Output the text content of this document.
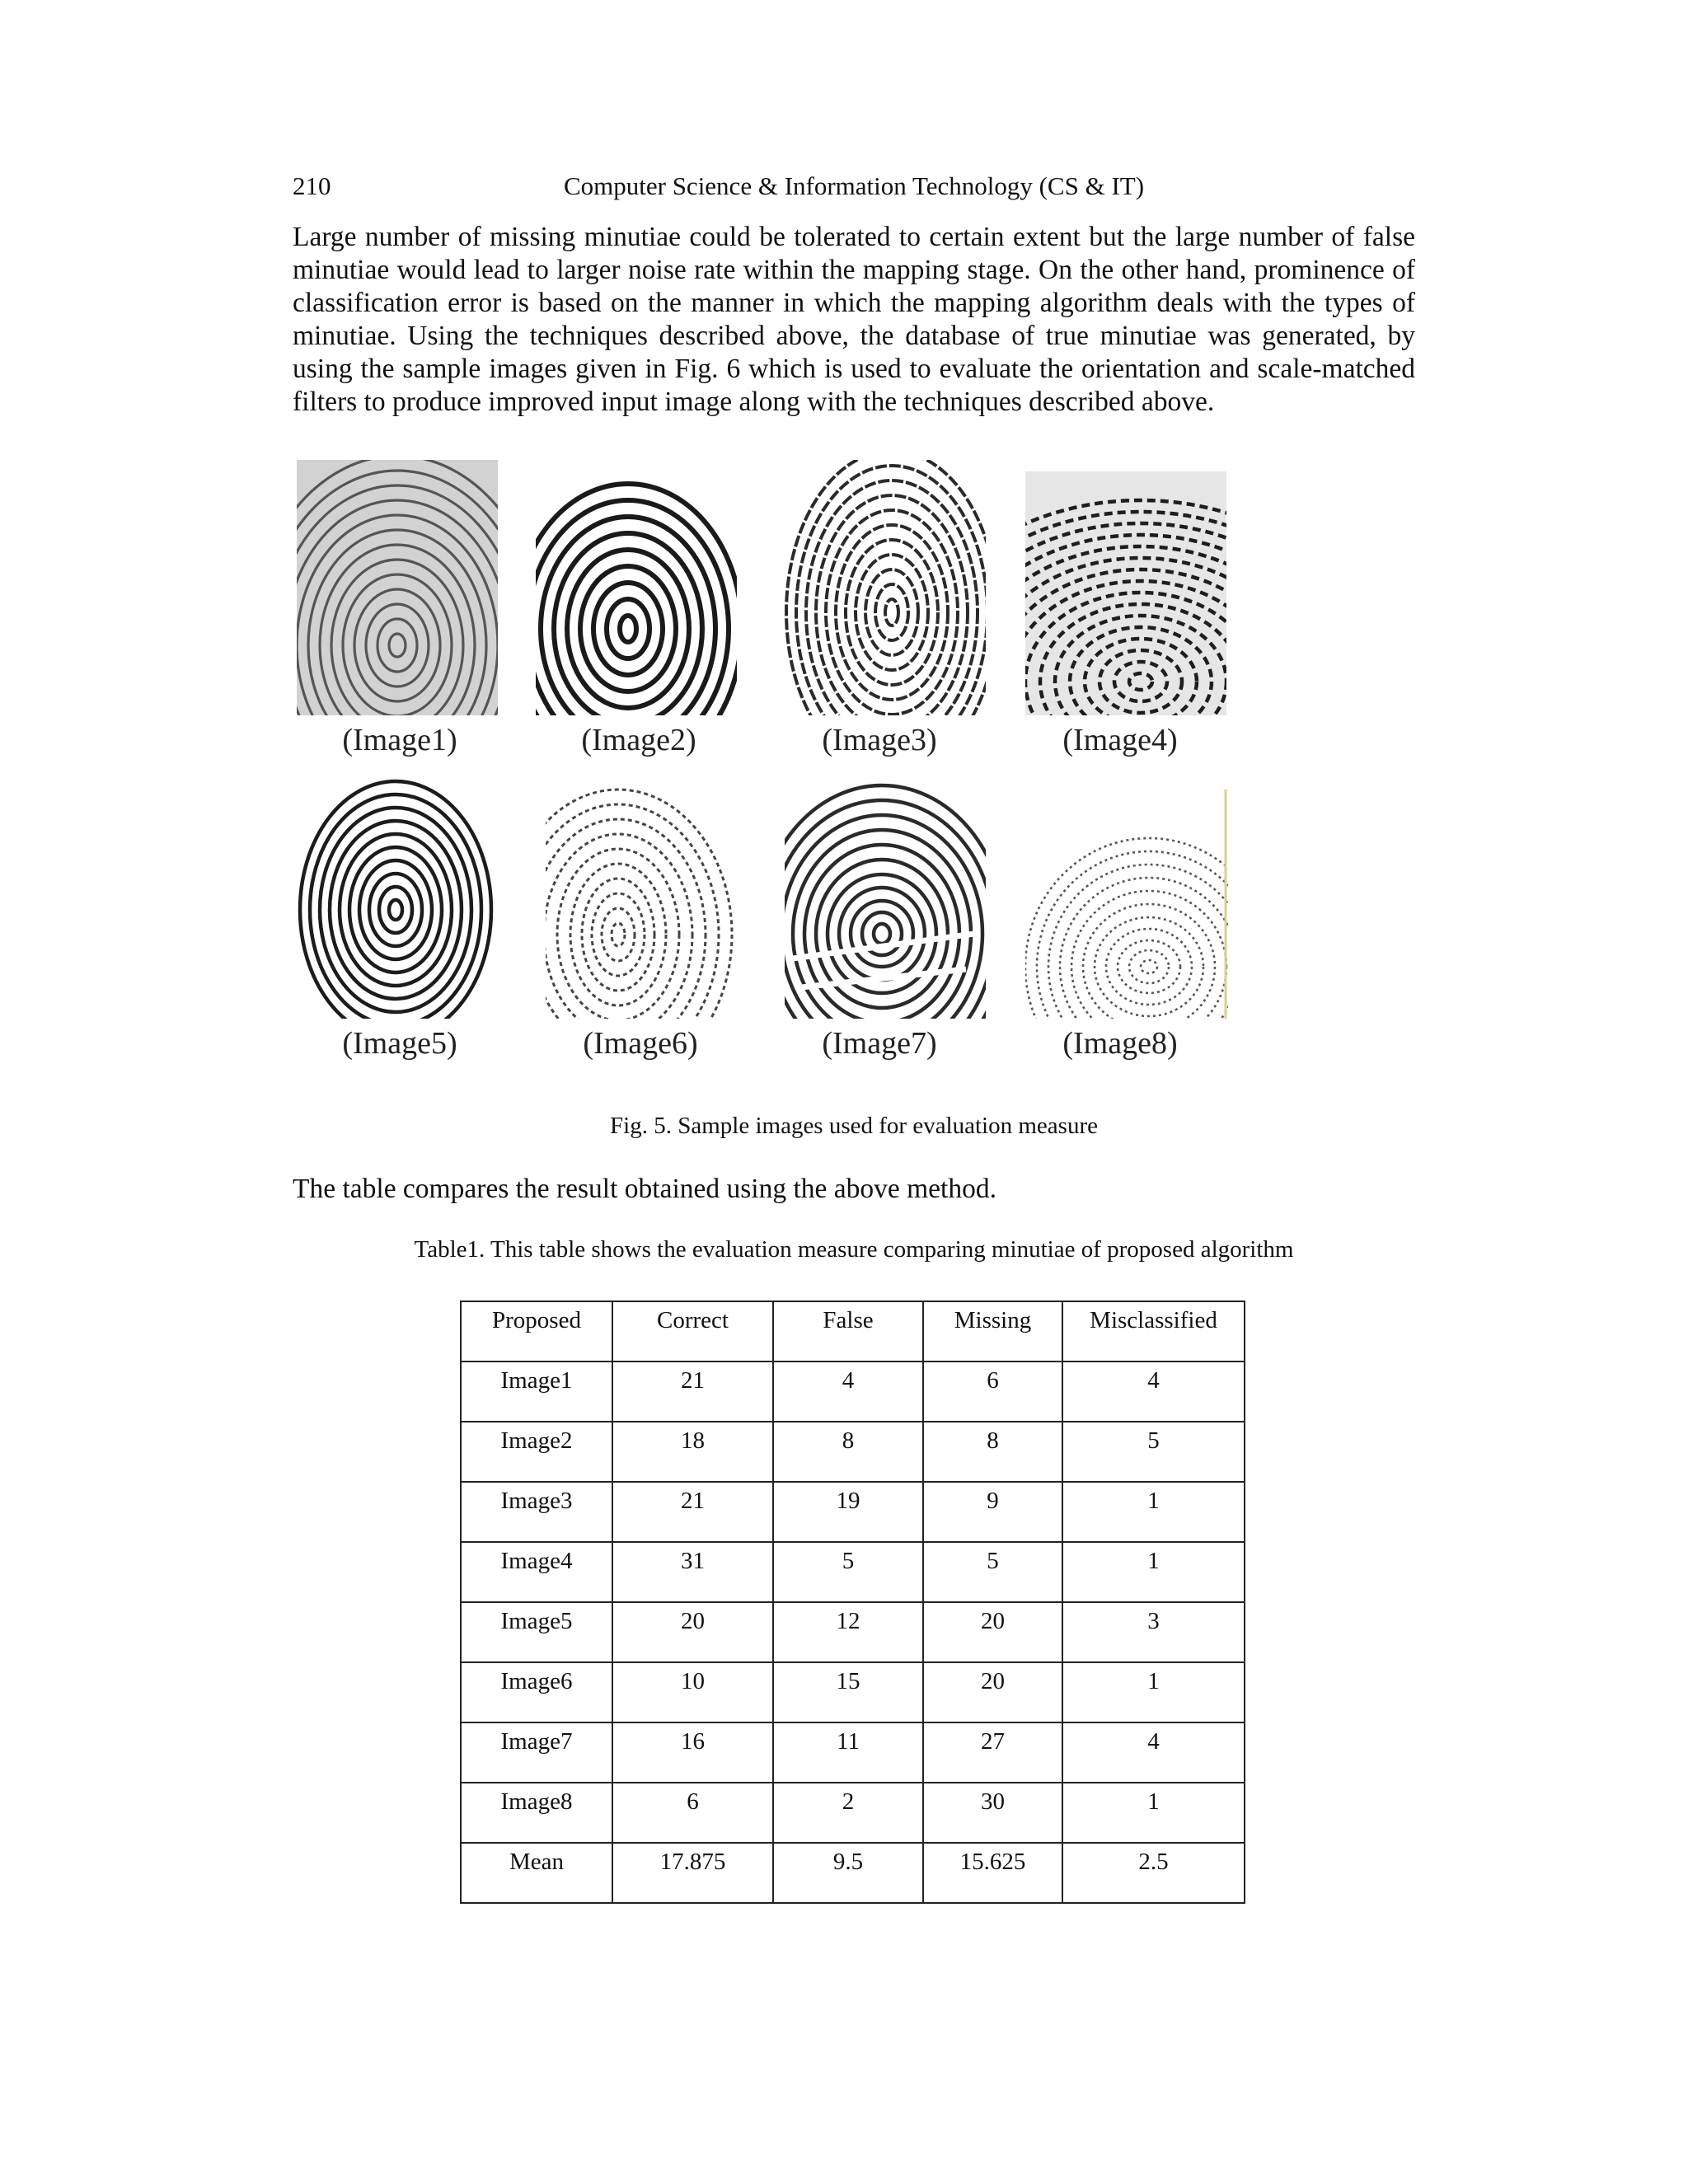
210	Computer Science & Information Technology (CS & IT)

Large number of missing minutiae could be tolerated to certain extent but the large number of false minutiae would lead to larger noise rate within the mapping stage. On the other hand, prominence of classification error is based on the manner in which the mapping algorithm deals with the types of minutiae. Using the techniques described above, the database of true minutiae was generated, by using the sample images given in Fig. 6 which is used to evaluate the orientation and scale-matched filters to produce improved input image along with the techniques described above.

(Image1)	(Image2)	(Image3)	(Image4)
(Image5)	(Image6)	(Image7)	(Image8)
Fig. 5. Sample images used for evaluation measure
The table compares the result obtained using the above method.
Table1. This table shows the evaluation measure comparing minutiae of proposed algorithm
Proposed	Correct	False	Missing	Misclassified
Image1	21	4	6	4
Image2	18	8	8	5
Image3	21	19	9	1
Image4	31	5	5	1
Image5	20	12	20	3
Image6	10	15	20	1
Image7	16	11	27	4
Image8	6	2	30	1
Mean	17.875	9.5	15.625	2.5
